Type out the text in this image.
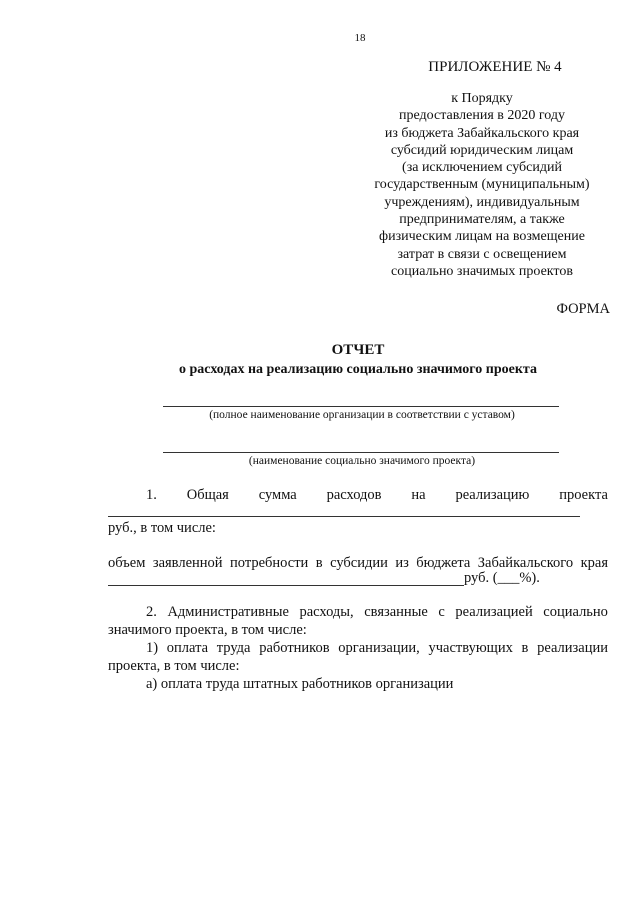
18
ПРИЛОЖЕНИЕ № 4
к Порядку
предоставления в 2020 году
из бюджета Забайкальского края
субсидий юридическим лицам
(за исключением субсидий
государственным (муниципальным)
учреждениям), индивидуальным
предпринимателям, а также
физическим лицам на возмещение
затрат в связи с освещением
социально значимых проектов
ФОРМА
ОТЧЕТ
о расходах на реализацию социально значимого проекта
(полное наименование организации в соответствии с уставом)
(наименование социально значимого проекта)
1. Общая сумма расходов на реализацию проекта
руб., в том числе:
объем заявленной потребности в субсидии из бюджета Забайкальского края
руб. (___%).
2. Административные расходы, связанные с реализацией социально
значимого проекта, в том числе:
1) оплата труда работников организации, участвующих в реализации
проекта, в том числе:
а) оплата труда штатных работников организации
